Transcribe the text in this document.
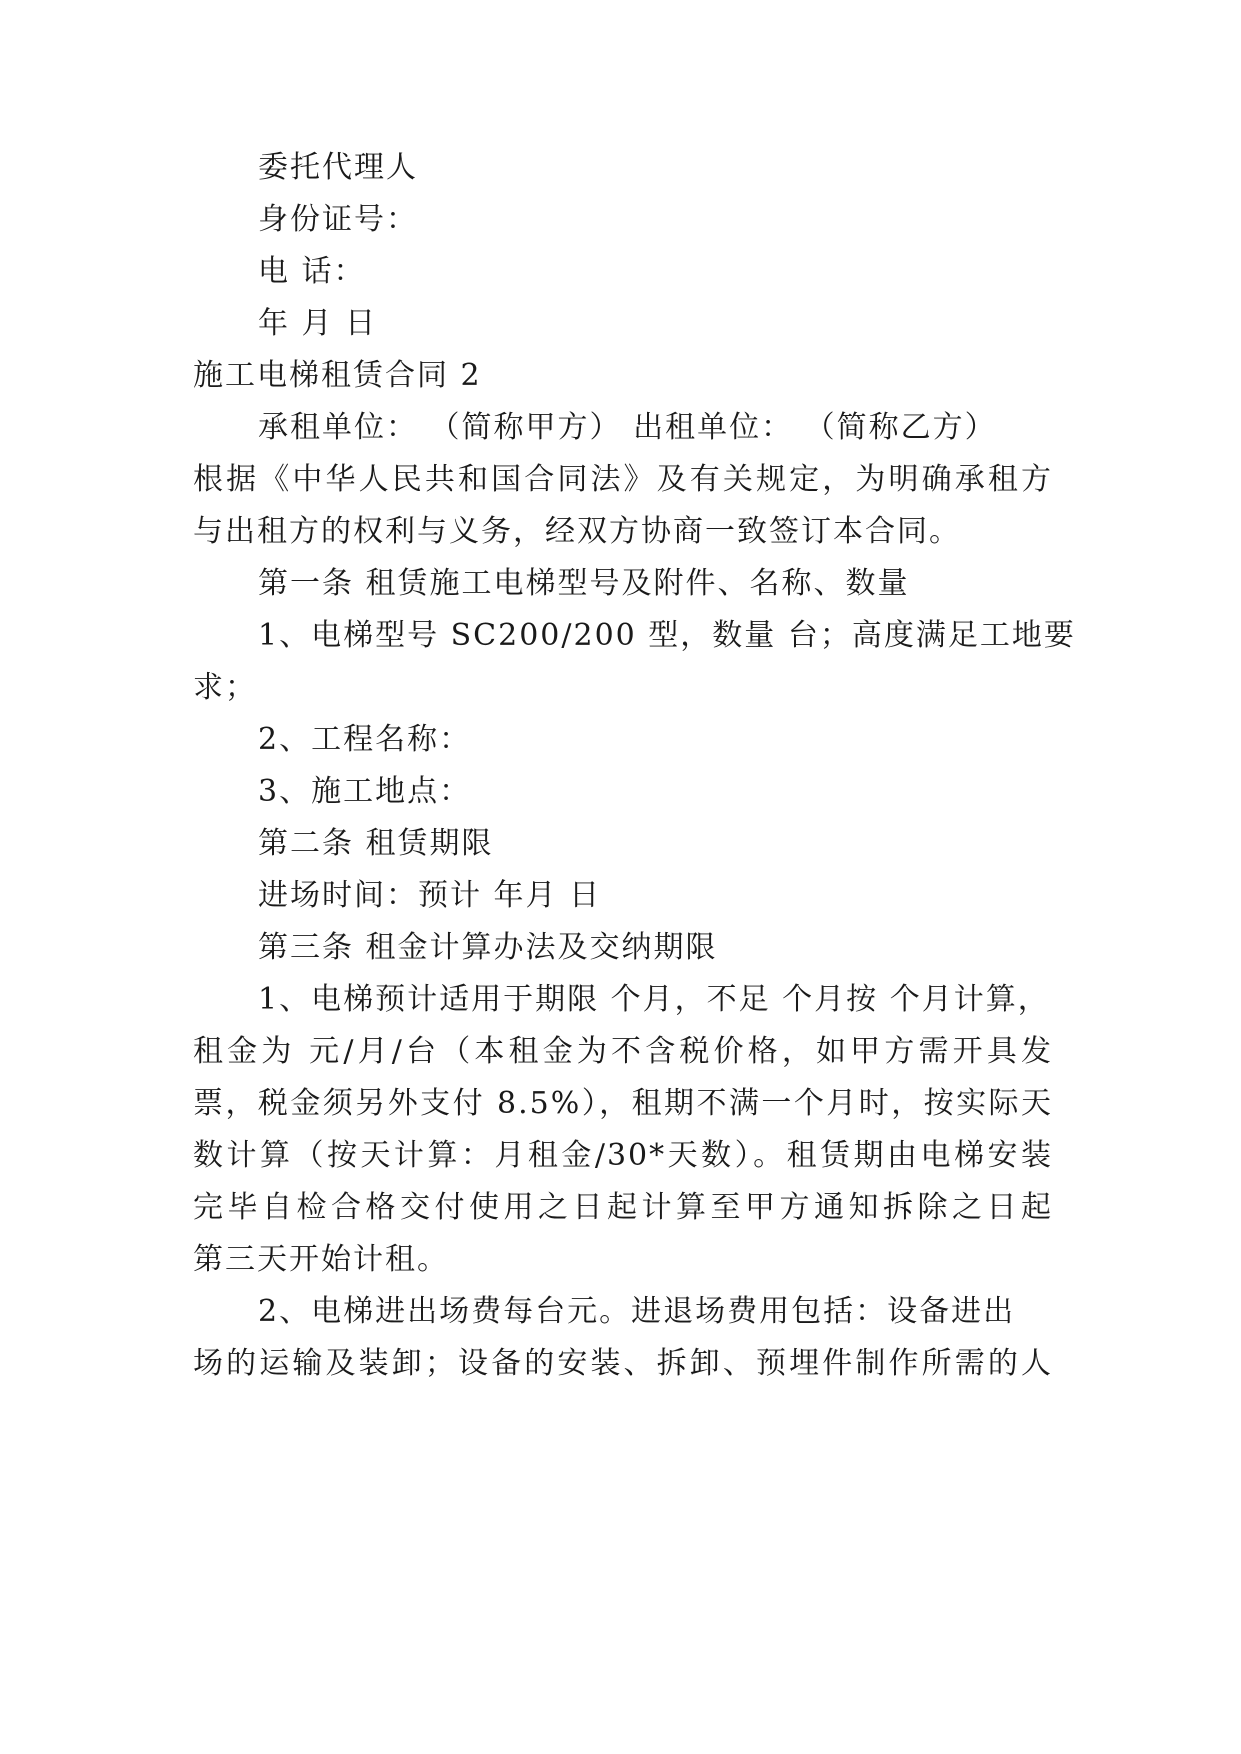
委托代理人
身份证号：
电 话：
年 月 日
施工电梯租赁合同 2
承租单位： （简称甲方） 出租单位： （简称乙方）
根据《中华人民共和国合同法》及有关规定，为明确承租方
与出租方的权利与义务，经双方协商一致签订本合同。
第一条 租赁施工电梯型号及附件、名称、数量
1、电梯型号 SC200/200 型，数量 台；高度满足工地要
求；
2、工程名称：
3、施工地点：
第二条 租赁期限
进场时间：预计 年月 日
第三条 租金计算办法及交纳期限
1、电梯预计适用于期限 个月，不足 个月按 个月计算，
租金为 元/月/台（本租金为不含税价格，如甲方需开具发
票，税金须另外支付 8.5%），租期不满一个月时，按实际天
数计算（按天计算：月租金/30*天数）。租赁期由电梯安装
完毕自检合格交付使用之日起计算至甲方通知拆除之日起
第三天开始计租。
2、电梯进出场费每台元。进退场费用包括：设备进出
场的运输及装卸；设备的安装、拆卸、预埋件制作所需的人
